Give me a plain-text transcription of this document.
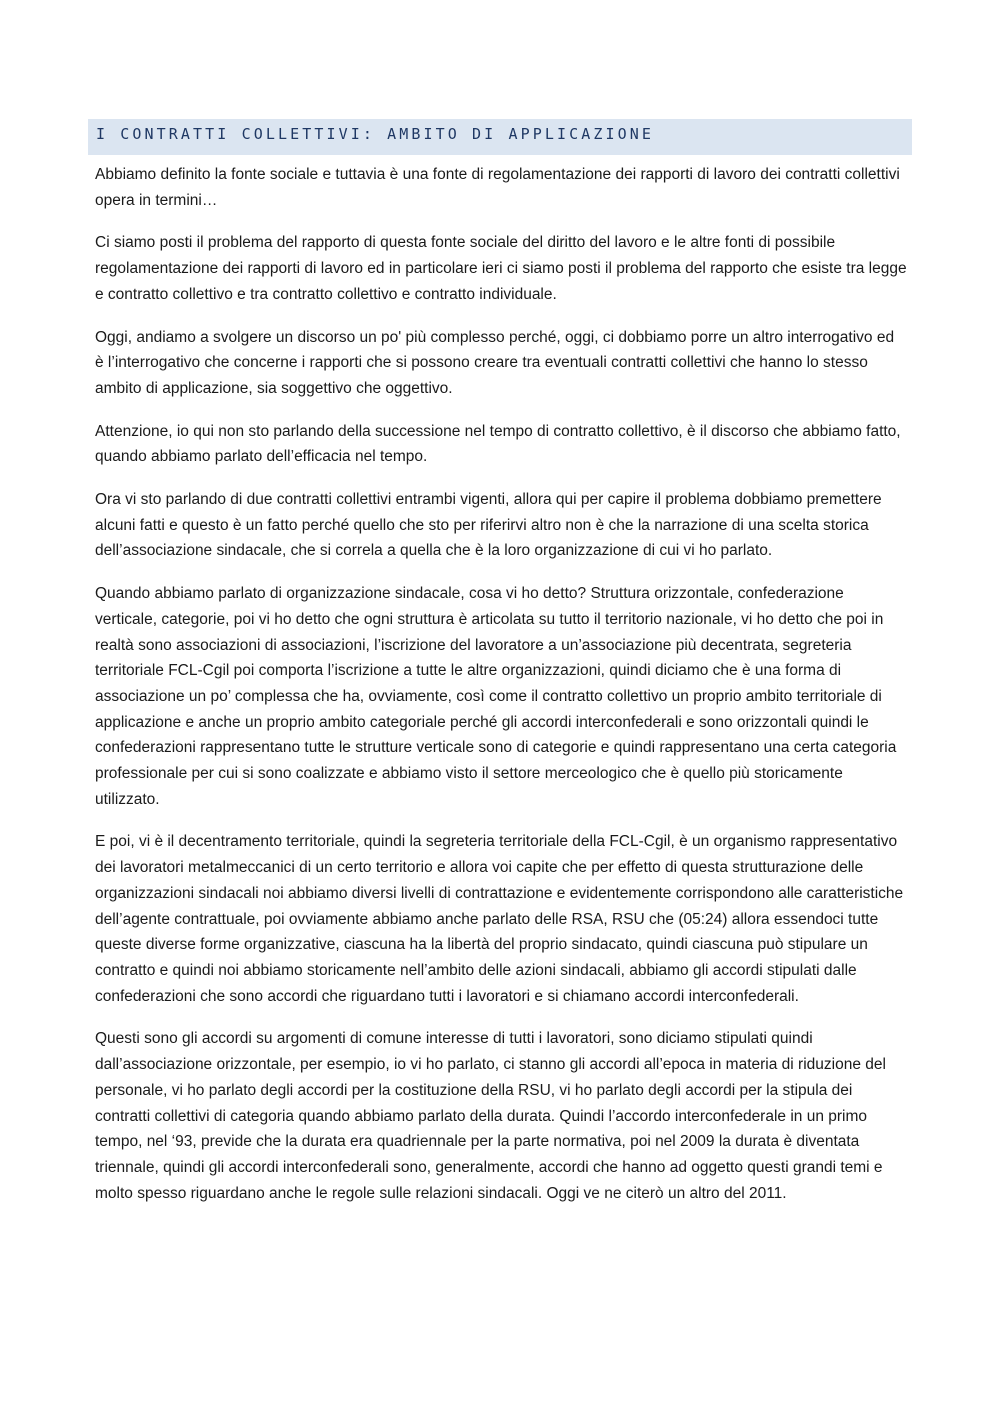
I CONTRATTI COLLETTIVI: AMBITO DI APPLICAZIONE

Abbiamo definito la fonte sociale e tuttavia è una fonte di regolamentazione dei rapporti di lavoro dei contratti collettivi opera in termini…

Ci siamo posti il problema del rapporto di questa fonte sociale del diritto del lavoro e le altre fonti di possibile regolamentazione dei rapporti di lavoro ed in particolare ieri ci siamo posti il problema del rapporto che esiste tra legge e contratto collettivo e tra contratto collettivo e contratto individuale.

Oggi, andiamo a svolgere un discorso un po' più complesso perché, oggi, ci dobbiamo porre un altro interrogativo ed è l’interrogativo che concerne i rapporti che si possono creare tra eventuali contratti collettivi che hanno lo stesso ambito di applicazione, sia soggettivo che oggettivo.

Attenzione, io qui non sto parlando della successione nel tempo di contratto collettivo, è il discorso che abbiamo fatto, quando abbiamo parlato dell’efficacia nel tempo.

Ora vi sto parlando di due contratti collettivi entrambi vigenti, allora qui per capire il problema dobbiamo premettere alcuni fatti e questo è un fatto perché quello che sto per riferirvi altro non è che la narrazione di una scelta storica dell’associazione sindacale, che si correla a quella che è la loro organizzazione di cui vi ho parlato.

Quando abbiamo parlato di organizzazione sindacale, cosa vi ho detto? Struttura orizzontale, confederazione verticale, categorie, poi vi ho detto che ogni struttura è articolata su tutto il territorio nazionale, vi ho detto che poi in realtà sono associazioni di associazioni, l’iscrizione del lavoratore a un’associazione più decentrata, segreteria territoriale FCL-Cgil poi comporta l’iscrizione a tutte le altre organizzazioni, quindi diciamo che è una forma di associazione un po’ complessa che ha, ovviamente, così come il contratto collettivo un proprio ambito territoriale di applicazione e anche un proprio ambito categoriale perché gli accordi interconfederali e sono orizzontali quindi le confederazioni rappresentano tutte le strutture verticale sono di categorie e quindi rappresentano una certa categoria professionale per cui si sono coalizzate e abbiamo visto il settore merceologico che è quello più storicamente utilizzato.

E poi, vi è il decentramento territoriale, quindi la segreteria territoriale della FCL-Cgil, è un organismo rappresentativo dei lavoratori metalmeccanici di un certo territorio e allora voi capite che per effetto di questa strutturazione delle organizzazioni sindacali noi abbiamo diversi livelli di contrattazione e evidentemente corrispondono alle caratteristiche dell’agente contrattuale, poi ovviamente abbiamo anche parlato delle RSA, RSU che (05:24) allora essendoci tutte queste diverse forme organizzative, ciascuna ha la libertà del proprio sindacato, quindi ciascuna può stipulare un contratto e quindi noi abbiamo storicamente nell’ambito delle azioni sindacali, abbiamo gli accordi stipulati dalle confederazioni che sono accordi che riguardano tutti i lavoratori e si chiamano accordi interconfederali.

Questi sono gli accordi su argomenti di comune interesse di tutti i lavoratori, sono diciamo stipulati quindi dall’associazione orizzontale, per esempio, io vi ho parlato, ci stanno gli accordi all’epoca in materia di riduzione del personale, vi ho parlato degli accordi per la costituzione della RSU, vi ho parlato degli accordi per la stipula dei contratti collettivi di categoria quando abbiamo parlato della durata. Quindi l’accordo interconfederale in un primo tempo, nel ‘93, previde che la durata era quadriennale per la parte normativa, poi nel 2009 la durata è diventata triennale, quindi gli accordi interconfederali sono, generalmente, accordi che hanno ad oggetto questi grandi temi e molto spesso riguardano anche le regole sulle relazioni sindacali. Oggi ve ne citerò un altro del 2011.
